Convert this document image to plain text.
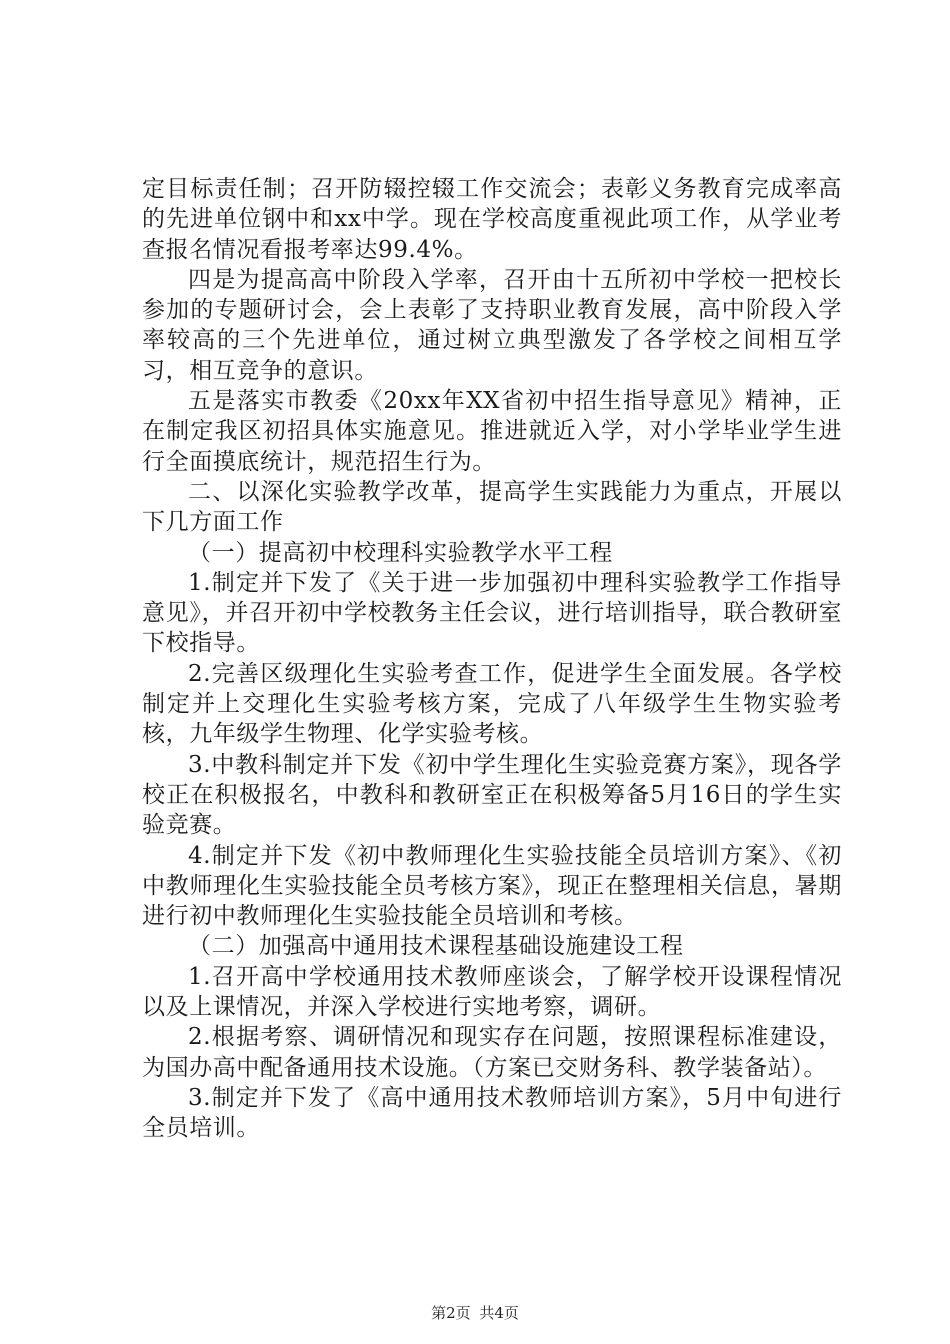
定目标责任制；召开防辍控辍工作交流会；表彰义务教育完成率高的先进单位钢中和xx中学。现在学校高度重视此项工作，从学业考查报名情况看报考率达99.4%。

四是为提高高中阶段入学率，召开由十五所初中学校一把校长参加的专题研讨会，会上表彰了支持职业教育发展，高中阶段入学率较高的三个先进单位，通过树立典型激发了各学校之间相互学习，相互竞争的意识。

五是落实市教委《20xx年XX省初中招生指导意见》精神，正在制定我区初招具体实施意见。推进就近入学，对小学毕业学生进行全面摸底统计，规范招生行为。

二、以深化实验教学改革，提高学生实践能力为重点，开展以下几方面工作

（一）提高初中校理科实验教学水平工程

1.制定并下发了《关于进一步加强初中理科实验教学工作指导意见》，并召开初中学校教务主任会议，进行培训指导，联合教研室下校指导。

2.完善区级理化生实验考查工作，促进学生全面发展。各学校制定并上交理化生实验考核方案，完成了八年级学生生物实验考核，九年级学生物理、化学实验考核。

3.中教科制定并下发《初中学生理化生实验竞赛方案》，现各学校正在积极报名，中教科和教研室正在积极筹备5月16日的学生实验竞赛。

4.制定并下发《初中教师理化生实验技能全员培训方案》、《初中教师理化生实验技能全员考核方案》，现正在整理相关信息，暑期进行初中教师理化生实验技能全员培训和考核。

（二）加强高中通用技术课程基础设施建设工程

1.召开高中学校通用技术教师座谈会，了解学校开设课程情况以及上课情况，并深入学校进行实地考察，调研。

2.根据考察、调研情况和现实存在问题，按照课程标准建设，为国办高中配备通用技术设施。（方案已交财务科、教学装备站）。

3.制定并下发了《高中通用技术教师培训方案》，5月中旬进行全员培训。

第2页 共4页
